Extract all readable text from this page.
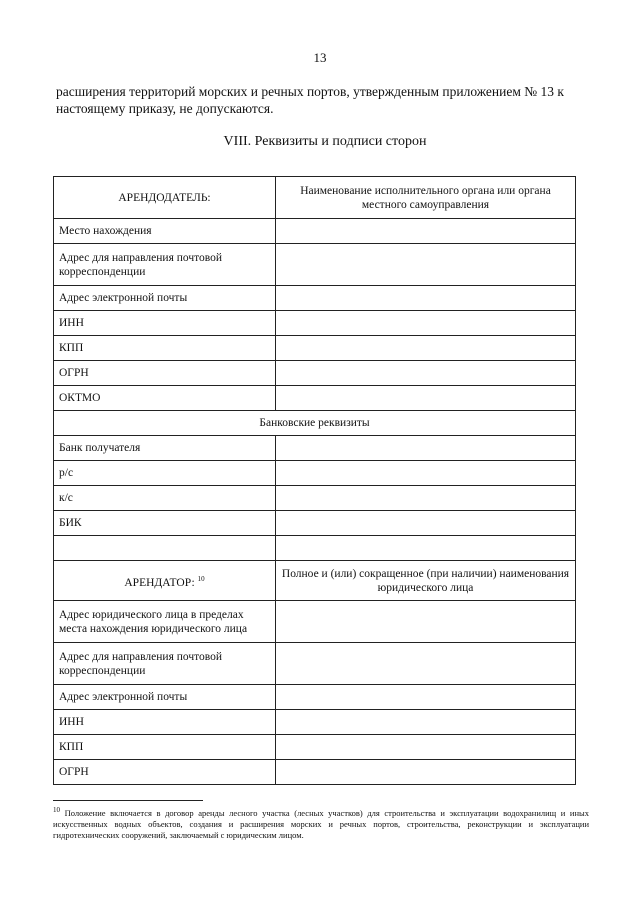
13
расширения территорий морских и речных портов, утвержденным приложением № 13 к настоящему приказу, не допускаются.
VIII. Реквизиты и подписи сторон
АРЕНДОДАТЕЛЬ:	Наименование исполнительного органа или органа местного самоуправления
Место нахождения	
Адрес для направления почтовой корреспонденции	
Адрес электронной почты	
ИНН	
КПП	
ОГРН	
ОКТМО	
Банковские реквизиты	
Банк получателя	
р/с	
к/с	
БИК	

АРЕНДАТОР: $^{10}$	Полное и (или) сокращенное (при наличии) наименования юридического лица
Адрес юридического лица в пределах места нахождения юридического лица	
Адрес для направления почтовой корреспонденции	
Адрес электронной почты	
ИНН	
КПП	
ОГРН	
$^{10}$ Положение включается в договор аренды лесного участка (лесных участков) для строительства и эксплуатации водохранилищ и иных искусственных водных объектов, создания и расширения морских и речных портов, строительства, реконструкции и эксплуатации гидротехнических сооружений, заключаемый с юридическим лицом.
